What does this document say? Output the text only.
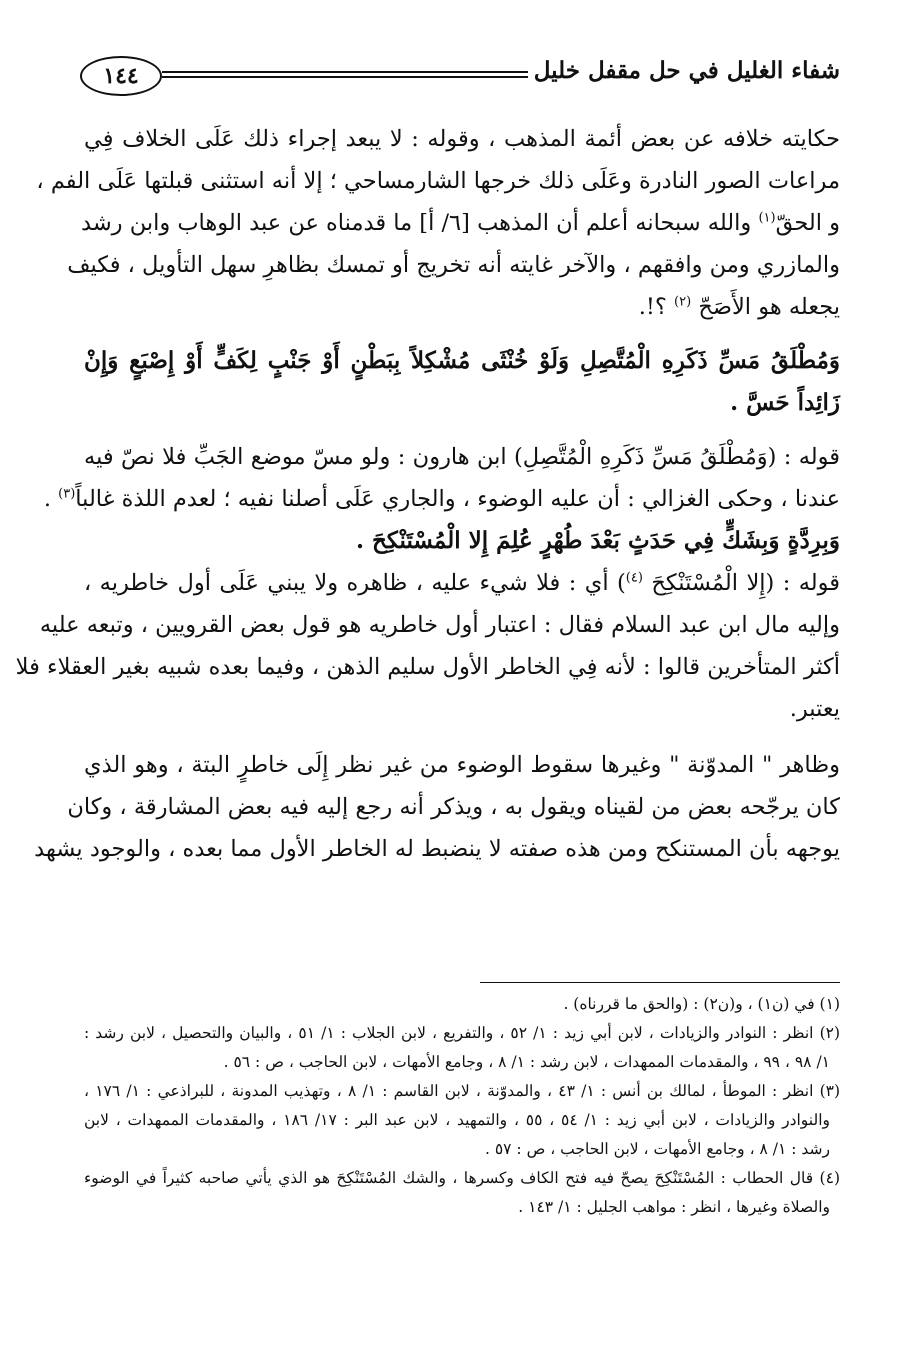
١٤٤	شفاء الغليل في حل مقفل خليل
حكايته خلافه عن بعض أئمة المذهب ، وقوله : لا يبعد إجراء ذلك عَلَى الخلاف فِي
مراعات الصور النادرة وعَلَى ذلك خرجها الشارمساحي ؛ إلا أنه استثنى قبلتها عَلَى الفم ،
و الحقّ$^{(١)}$ والله سبحانه أعلم أن المذهب [٦/ أ] ما قدمناه عن عبد الوهاب وابن رشد
والمازري ومن وافقهم ، والآخر غايته أنه تخريج أو تمسك بظاهرِ سهل التأويل ، فكيف
يجعله هو الأَصَحّ $^{(٢)}$ ؟!.
وَمُطْلَقُ مَسِّ ذَكَرِهِ الْمُتَّصِلِ وَلَوْ خُنْثَى مُشْكِلاً بِبَطْنٍ أَوْ جَنْبٍ لِكَفٍّ أَوْ إِصْبَعٍ وَإِنْ
زَائِداً حَسَّ .
قوله : (وَمُطْلَقُ مَسِّ ذَكَرِهِ الْمُتَّصِلِ) ابن هارون : ولو مسّ موضع الجَبِّ فلا نصّ فيه
عندنا ، وحكى الغزالي : أن عليه الوضوء ، والجاري عَلَى أصلنا نفيه ؛ لعدم اللذة غالباً$^{(٣)}$ .
وَبِرِدَّةٍ وَبِشَكٍّ فِي حَدَثٍ بَعْدَ طُهْرٍ عُلِمَ إِلا الْمُسْتَنْكِحَ .
قوله : (إِلا الْمُسْتَنْكِحَ $^{(٤)}$) أي : فلا شيء عليه ، ظاهره ولا يبني عَلَى أول خاطريه ،
وإليه مال ابن عبد السلام فقال : اعتبار أول خاطريه هو قول بعض القرويين ، وتبعه عليه
أكثر المتأخرين قالوا : لأنه فِي الخاطر الأول سليم الذهن ، وفيما بعده شبيه بغير العقلاء فلا
يعتبر.
وظاهر " المدوّنة " وغيرها سقوط الوضوء من غير نظر إِلَى خاطرٍ البتة ، وهو الذي
كان يرجّحه بعض من لقيناه ويقول به ، ويذكر أنه رجع إليه فيه بعض المشارقة ، وكان
يوجهه بأن المستنكح ومن هذه صفته لا ينضبط له الخاطر الأول مما بعده ، والوجود يشهد
(١) في (ن١) ، و(ن٢) : (والحق ما قررناه) .
(٢) انظر : النوادر والزيادات ، لابن أبي زيد : ١/ ٥٢ ، والتفريع ، لابن الجلاب : ١/ ٥١ ، والبيان والتحصيل ، لابن رشد :
١/ ٩٨ ، ٩٩ ، والمقدمات الممهدات ، لابن رشد : ١/ ٨ ، وجامع الأمهات ، لابن الحاجب ، ص : ٥٦ .
(٣) انظر : الموطأ ، لمالك بن أنس : ١/ ٤٣ ، والمدوّنة ، لابن القاسم : ١/ ٨ ، وتهذيب المدونة ، للبراذعي : ١/ ١٧٦ ،
والنوادر والزيادات ، لابن أبي زيد : ١/ ٥٤ ، ٥٥ ، والتمهيد ، لابن عبد البر : ١٧/ ١٨٦ ، والمقدمات الممهدات ، لابن
رشد : ١/ ٨ ، وجامع الأمهات ، لابن الحاجب ، ص : ٥٧ .
(٤) قال الحطاب : المُسْتَنْكِحَ يصحّ فيه فتح الكاف وكسرها ، والشك المُسْتَنْكِحَ هو الذي يأتي صاحبه كثيراً في الوضوء
والصلاة وغيرها ، انظر : مواهب الجليل : ١/ ١٤٣ .
